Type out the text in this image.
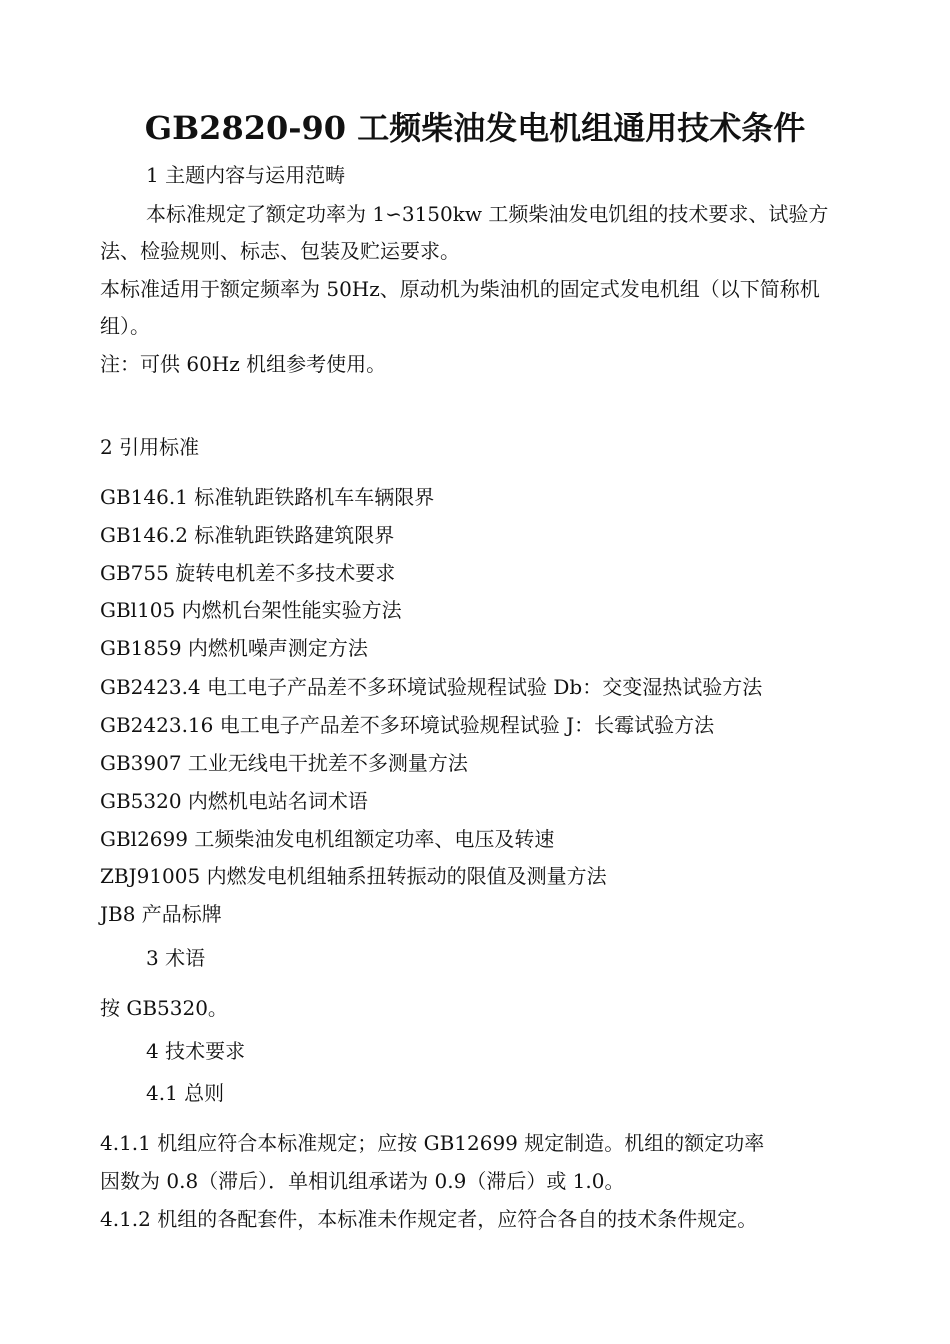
GB2820-90 工频柴油发电机组通用技术条件
1 主题内容与运用范畴
本标准规定了额定功率为 1∽3150kw 工频柴油发电饥组的技术要求、试验方
法、检验规则、标志、包装及贮运要求。
本标准适用于额定频率为 50Hz、原动机为柴油机的固定式发电机组（以下简称机
组）。
注：可供 60Hz 机组参考使用。
2 引用标准
GB146.1 标准轨距铁路机车车辆限界
GB146.2 标准轨距铁路建筑限界
GB755 旋转电机差不多技术要求
GBl105 内燃机台架性能实验方法
GB1859 内燃机噪声测定方法
GB2423.4 电工电子产品差不多环境试验规程试验 Db：交变湿热试验方法
GB2423.16 电工电子产品差不多环境试验规程试验 J：长霉试验方法
GB3907 工业无线电干扰差不多测量方法
GB5320 内燃机电站名词术语
GBl2699 工频柴油发电机组额定功率、电压及转速
ZBJ91005 内燃发电机组轴系扭转振动的限值及测量方法
JB8 产品标牌
3 术语
按 GB5320。
4 技术要求
4.1 总则
4.1.1 机组应符合本标准规定；应按 GB12699 规定制造。机组的额定功率
因数为 0.8（滞后）．单相讥组承诺为 0.9（滞后）或 1.0。
4.1.2 机组的各配套件，本标准未作规定者，应符合各自的技术条件规定。
